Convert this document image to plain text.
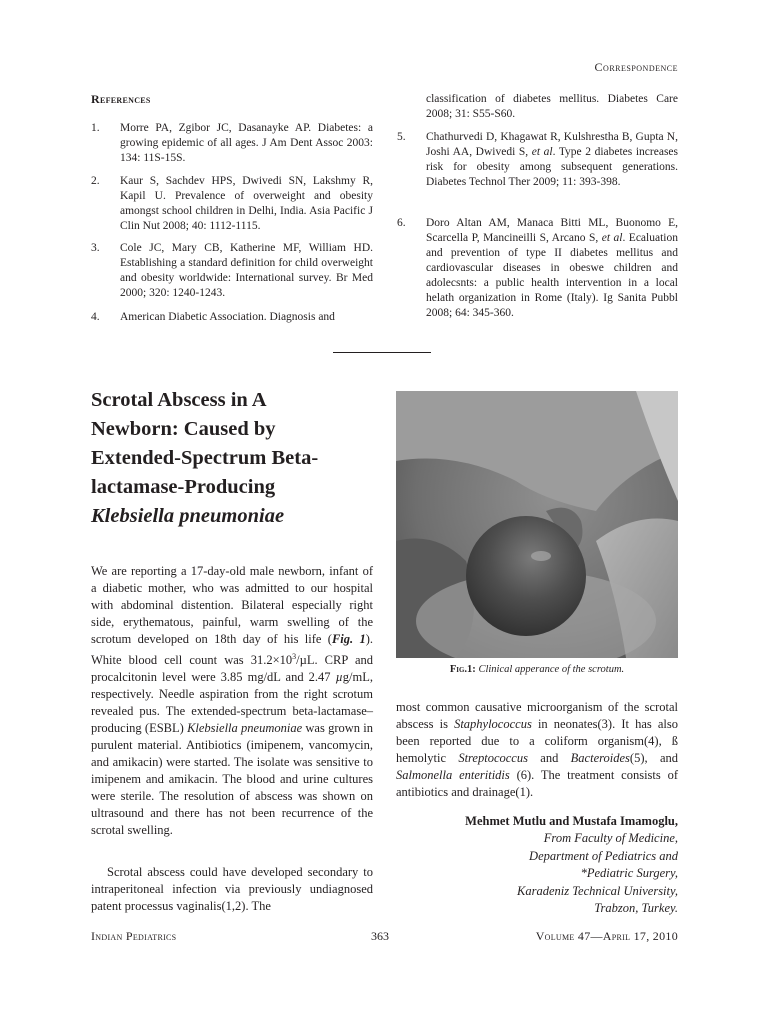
Correspondence
References
1.	Morre PA, Zgibor JC, Dasanayke AP. Diabetes: a growing epidemic of all ages. J Am Dent Assoc 2003: 134: 11S-15S.
2.	Kaur S, Sachdev HPS, Dwivedi SN, Lakshmy R, Kapil U. Prevalence of overweight and obesity amongst school children in Delhi, India. Asia Pacific J Clin Nut 2008; 40: 1112-1115.
3.	Cole JC, Mary CB, Katherine MF, William HD. Establishing a standard definition for child overweight and obesity worldwide: International survey. Br Med 2000; 320: 1240-1243.
4.	American Diabetic Association. Diagnosis and
classification of diabetes mellitus. Diabetes Care 2008; 31: S55-S60.
5.	Chathurvedi D, Khagawat R, Kulshrestha B, Gupta N, Joshi AA, Dwivedi S, et al. Type 2 diabetes increases risk for obesity among subsequent generations. Diabetes Technol Ther 2009; 11: 393-398.
6.	Doro Altan AM, Manaca Bitti ML, Buonomo E, Scarcella P, Mancineilli S, Arcano S, et al. Ecaluation and prevention of type II diabetes mellitus and cardiovascular diseases in obeswe children and adolecsnts: a public health intervention in a local helath organization in Rome (Italy). Ig Sanita Pubbl 2008; 64: 345-360.
Scrotal Abscess in A
Newborn: Caused by
Extended-Spectrum Beta-
lactamase-Producing
Klebsiella pneumoniae
We are reporting a 17-day-old male newborn, infant of a diabetic mother, who was admitted to our hospital with abdominal distention. Bilateral especially right side, erythematous, painful, warm swelling of the scrotum developed on 18th day of his life (Fig. 1). White blood cell count was $31.2\times 10^3/\mu L$. CRP and procalcitonin level were 3.85 mg/dL and 2.47 µg/mL, respectively. Needle aspiration from the right scrotum revealed pus. The extended-spectrum beta-lactamase–producing (ESBL) Klebsiella pneumoniae was grown in purulent material. Antibiotics (imipenem, vancomycin, and amikacin) were started. The isolate was sensitive to imipenem and amikacin. The blood and urine cultures were sterile. The resolution of abscess was shown on ultrasound and there has not been recurrence of the scrotal swelling.
Scrotal abscess could have developed secondary to intraperitoneal infection via previously undiagnosed patent processus vaginalis(1,2). The
Fig.1: Clinical apperance of the scrotum.
most common causative microorganism of the scrotal abscess is Staphylococcus in neonates(3). It has also been reported due to a coliform organism(4), ß hemolytic Streptococcus and Bacteroides(5), and Salmonella enteritidis (6). The treatment consists of antibiotics and drainage(1).
Mehmet Mutlu and Mustafa Imamoglu,
From Faculty of Medicine,
Department of Pediatrics and
*Pediatric Surgery,
Karadeniz Technical University,
Trabzon, Turkey.
Indian Pediatrics	363	Volume 47—April 17, 2010
